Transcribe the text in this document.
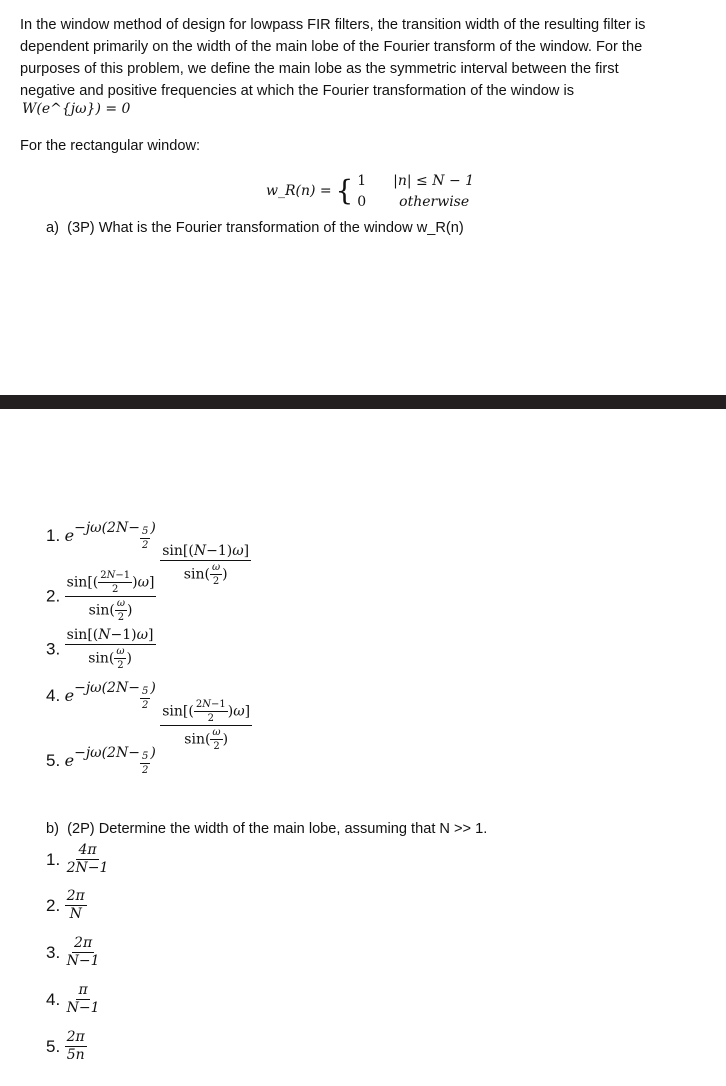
In the window method of design for lowpass FIR filters, the transition width of the resulting filter is
dependent primarily on the width of the main lobe of the Fourier transform of the window. For the
purposes of this problem, we define the main lobe as the symmetric interval between the first
negative and positive frequencies at which the Fourier transformation of the window is
W(e^{jω}) = 0
For the rectangular window:
w_R(n) = { 1 |n| ≤ N − 1
0 otherwise
a) (3P) What is the Fourier transformation of the window w_R(n)
1. $e-j\omega(2N- \frac{5}{2}$ )
$\frac{\sin[(N-1)\omega]}{\sin( \frac{\omega}{2} )}$
2. $\frac{\sin[( \frac{2N-1}{2} )\omega]}{\sin( \frac{\omega}{2} )}$
3. $\frac{\sin[(N-1)\omega]}{\sin( \frac{\omega}{2} )}$
4. $e-j\omega(2N- \frac{5}{2}$ )
$\frac{\sin[( \frac{2N-1}{2} )\omega]}{\sin( \frac{\omega}{2} )}$
5. $e-j\omega(2N- \frac{5}{2}$ )
b) (2P) Determine the width of the main lobe, assuming that N >> 1.
1. $\frac{4\pi}{2N-1}$
2. $\frac{2\pi}{N}$
3. $\frac{2\pi}{N-1}$
4. $\frac{\pi}{N-1}$
5. $\frac{2\pi}{5n}$
